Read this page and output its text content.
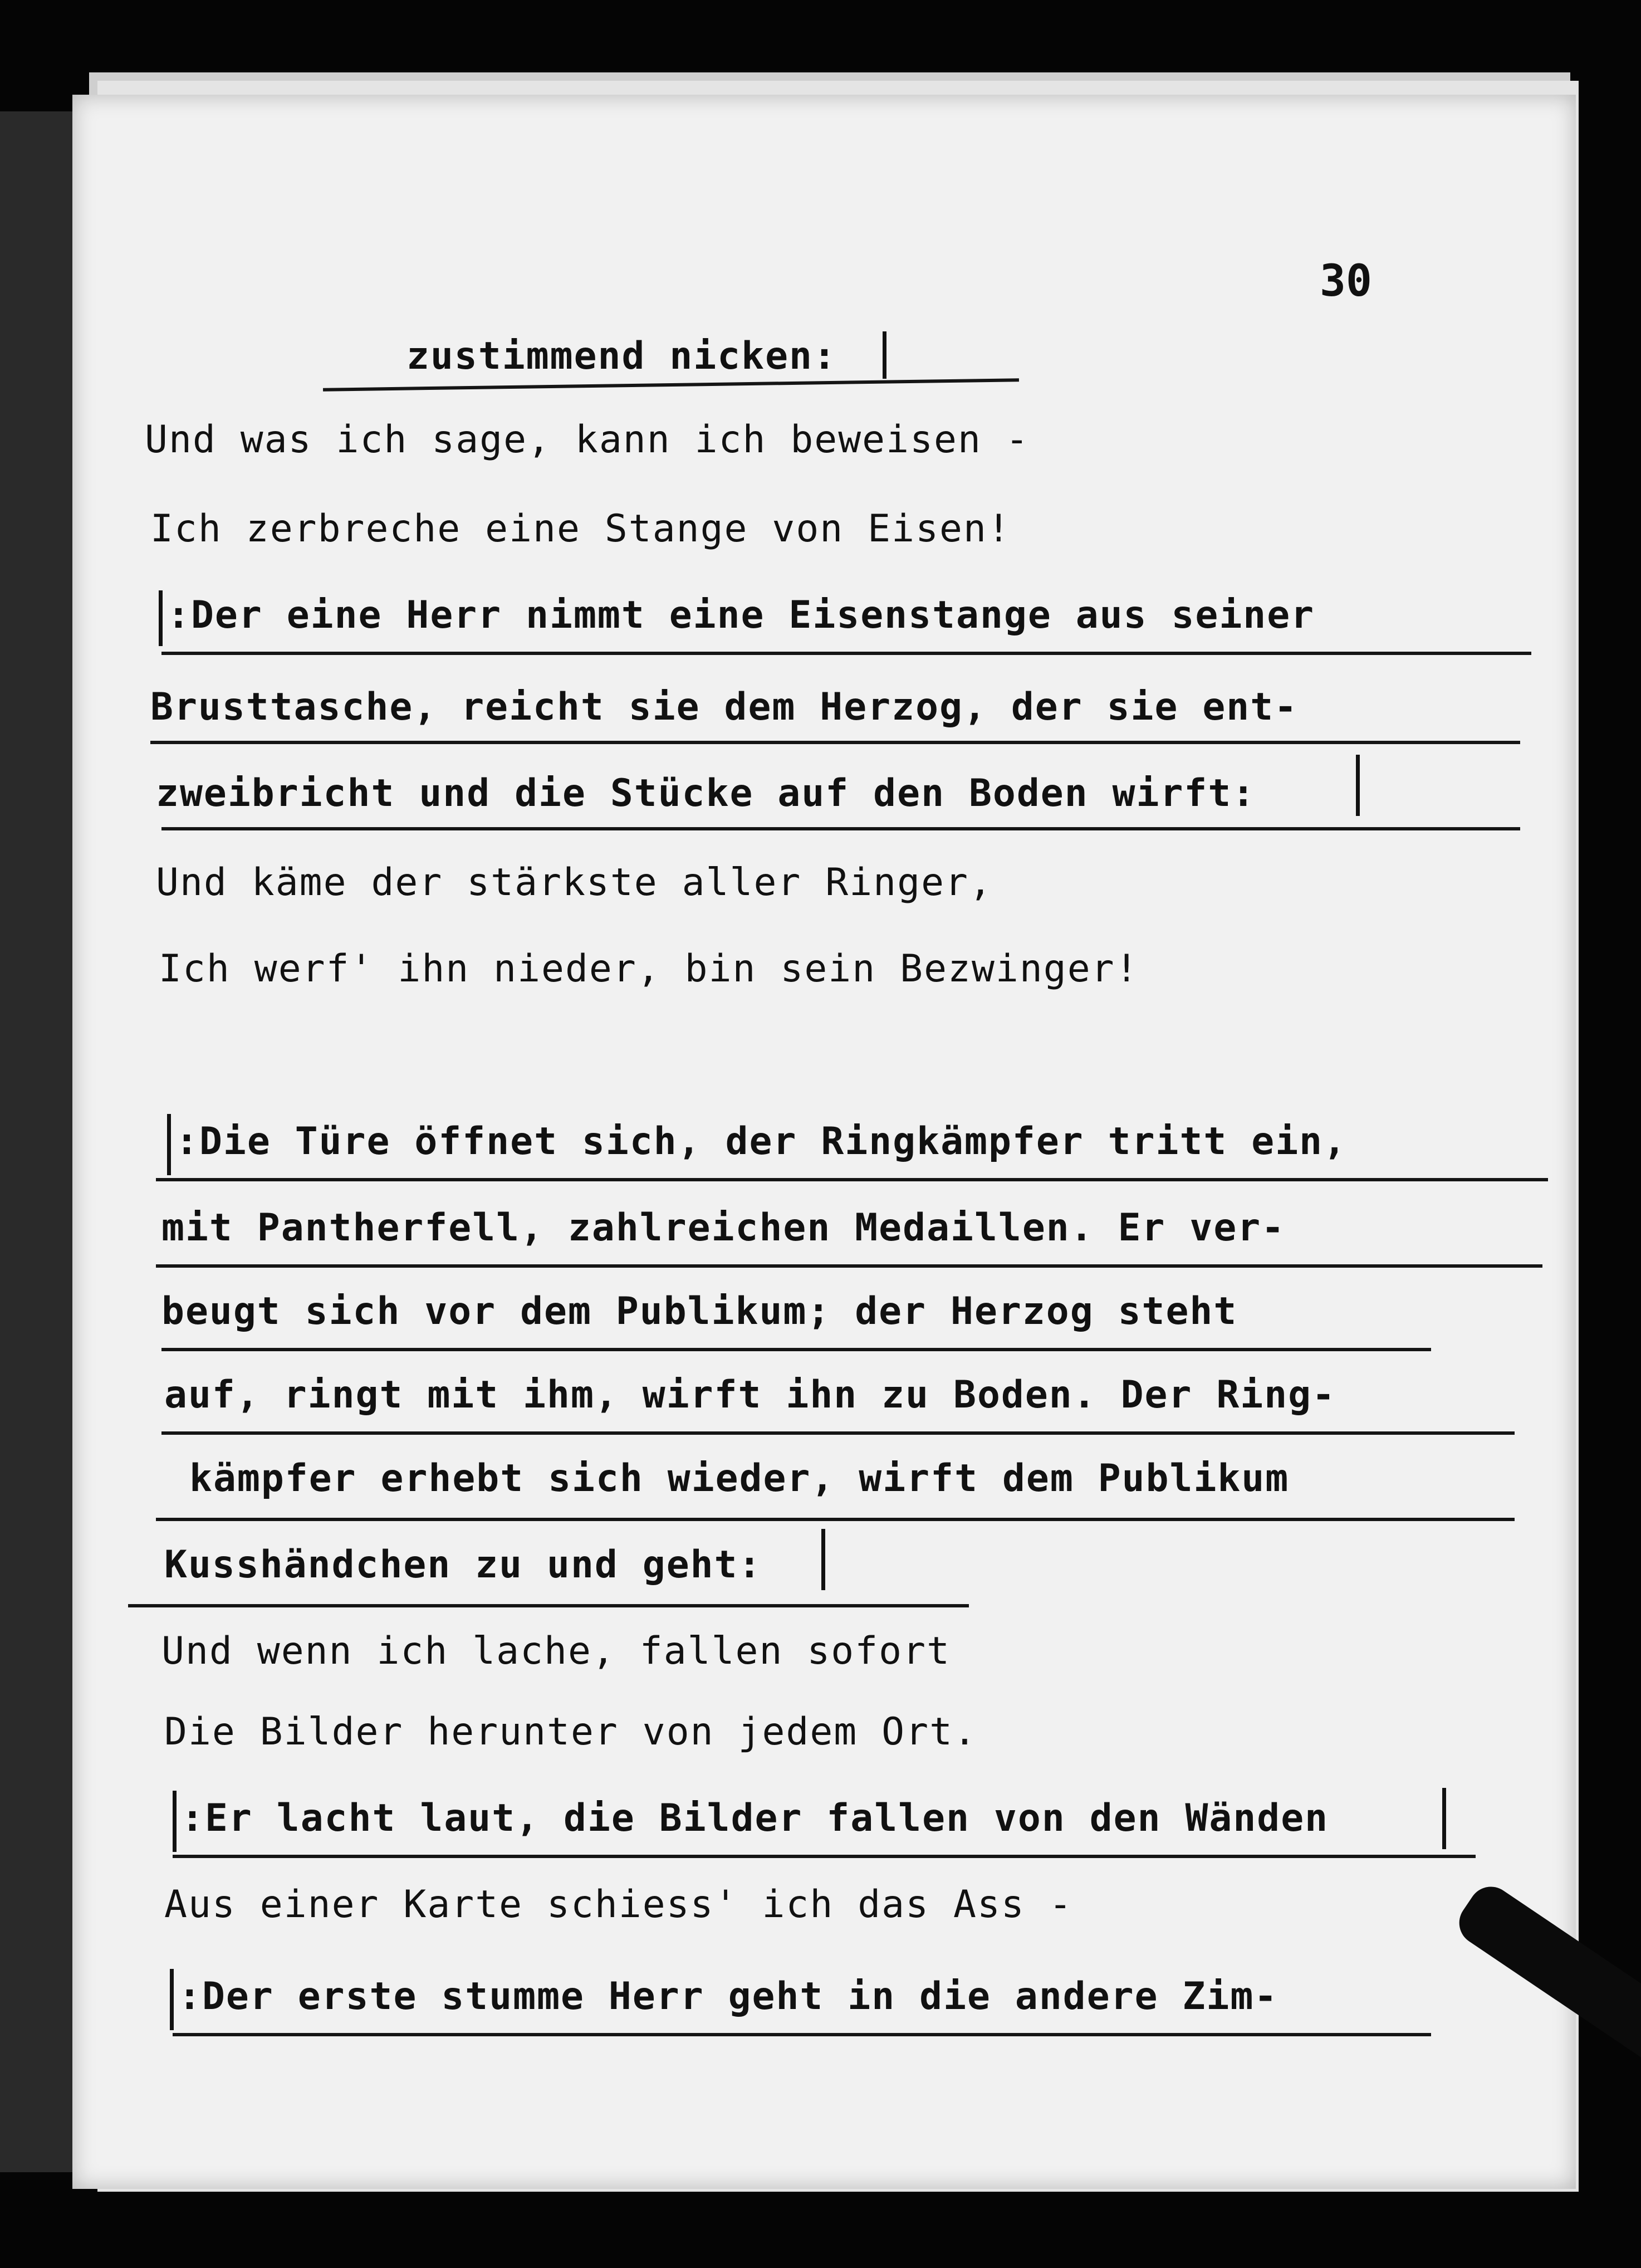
30
zustimmend nicken:
Und was ich sage, kann ich beweisen -
Ich zerbreche eine Stange von Eisen!
:Der eine Herr nimmt eine Eisenstange aus seiner
Brusttasche, reicht sie dem Herzog, der sie ent-
zweibricht und die Stücke auf den Boden wirft:
Und käme der stärkste aller Ringer,
Ich werf' ihn nieder, bin sein Bezwinger!
:Die Türe öffnet sich, der Ringkämpfer tritt ein,
mit Pantherfell, zahlreichen Medaillen. Er ver-
beugt sich vor dem Publikum; der Herzog steht
auf, ringt mit ihm, wirft ihn zu Boden. Der Ring-
kämpfer erhebt sich wieder, wirft dem Publikum
Kusshändchen zu und geht:
Und wenn ich lache, fallen sofort
Die Bilder herunter von jedem Ort.
:Er lacht laut, die Bilder fallen von den Wänden
Aus einer Karte schiess' ich das Ass -
:Der erste stumme Herr geht in die andere Zim-
